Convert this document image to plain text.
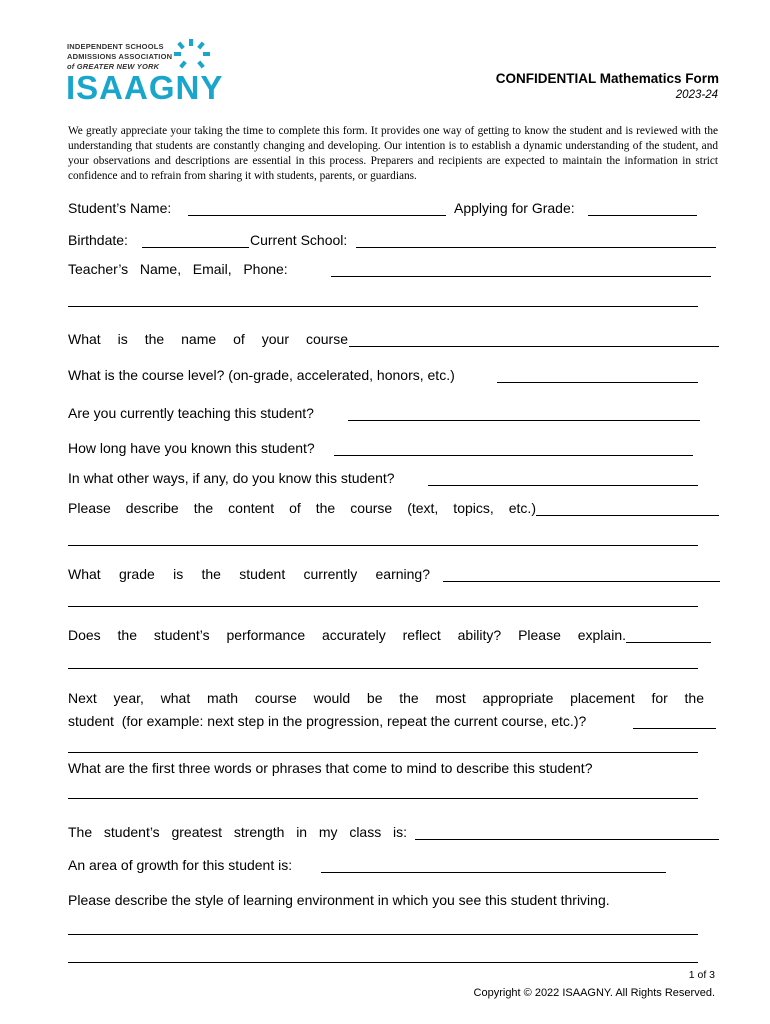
INDEPENDENT SCHOOLS
ADMISSIONS ASSOCIATION
of GREATER NEW YORK
ISAAGNY	CONFIDENTIAL Mathematics Form
2023-24
We greatly appreciate your taking the time to complete this form. It provides one way of getting to know the student and is reviewed with the understanding that students are constantly changing and developing. Our intention is to establish a dynamic understanding of the student, and your observations and descriptions are essential in this process. Preparers and recipients are expected to maintain the information in strict confidence and to refrain from sharing it with students, parents, or guardians.
Student’s Name:	Applying for Grade:
Birthdate:	Current School:
Teacher’s   Name,   Email,   Phone:
What is the name of your course
What is the course level? (on-grade, accelerated, honors, etc.)
Are you currently teaching this student?
How long have you known this student?
In what other ways, if any, do you know this student?
Please describe the content of the course (text, topics, etc.)
What grade is the student currently earning?
Does the student’s performance accurately reflect ability? Please explain.
Next year, what math course would be the most appropriate placement for the
student  (for example: next step in the progression, repeat the current course, etc.)?
What are the first three words or phrases that come to mind to describe this student?
The student’s greatest strength in my class is:
An area of growth for this student is:
Please describe the style of learning environment in which you see this student thriving.
1 of 3
Copyright © 2022 ISAAGNY. All Rights Reserved.
